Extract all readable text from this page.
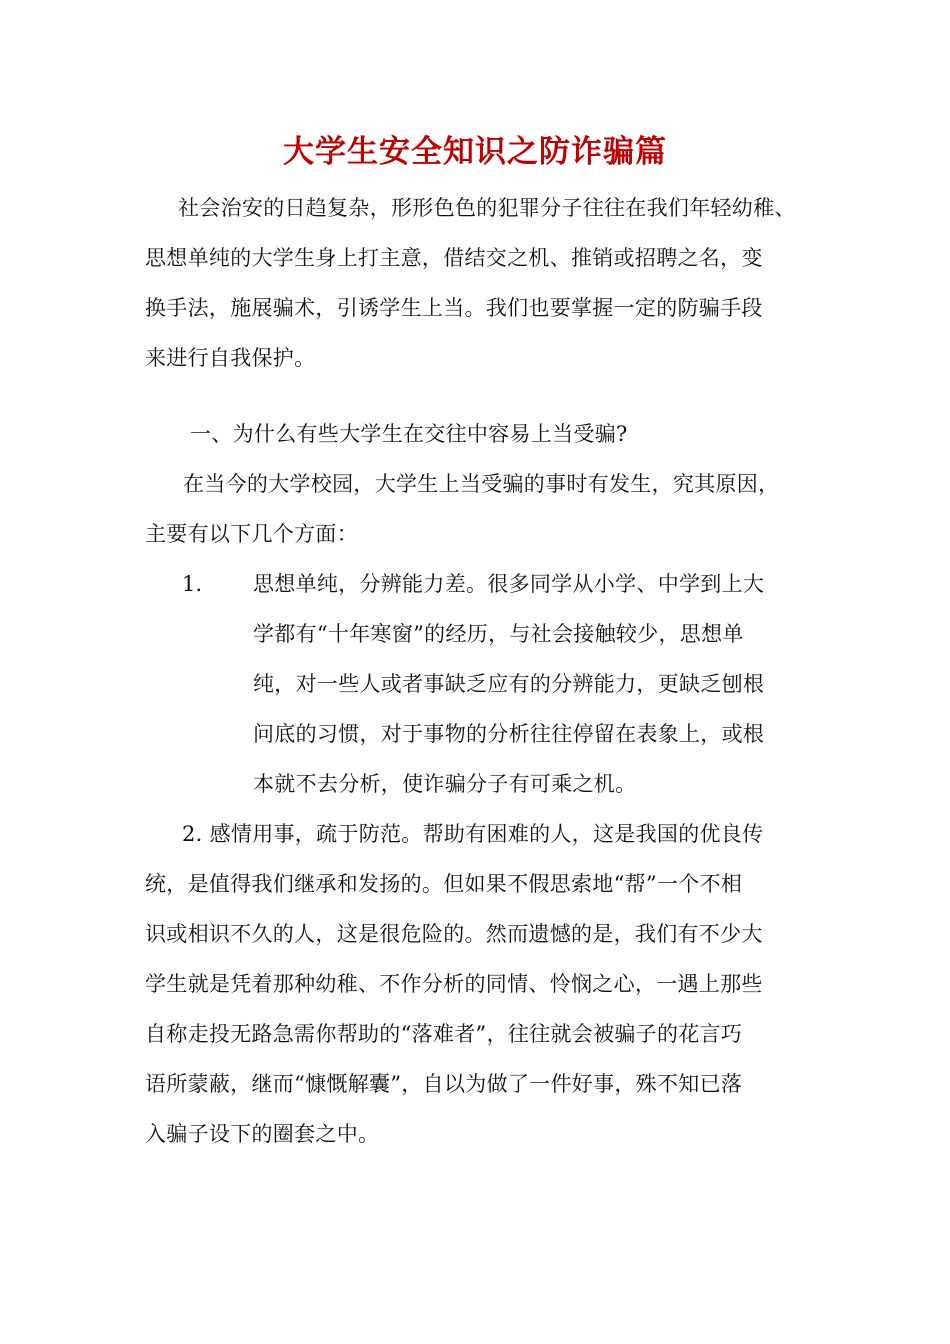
大学生安全知识之防诈骗篇
社会治安的日趋复杂，形形色色的犯罪分子往往在我们年轻幼稚、
思想单纯的大学生身上打主意，借结交之机、推销或招聘之名，变
换手法，施展骗术，引诱学生上当。我们也要掌握一定的防骗手段
来进行自我保护。
一、为什么有些大学生在交往中容易上当受骗?
在当今的大学校园，大学生上当受骗的事时有发生，究其原因，
主要有以下几个方面：
1. 思想单纯，分辨能力差。很多同学从小学、中学到上大
学都有“十年寒窗”的经历，与社会接触较少，思想单
纯，对一些人或者事缺乏应有的分辨能力，更缺乏刨根
问底的习惯，对于事物的分析往往停留在表象上，或根
本就不去分析，使诈骗分子有可乘之机。
2. 感情用事，疏于防范。帮助有困难的人，这是我国的优良传
统，是值得我们继承和发扬的。但如果不假思索地“帮”一个不相
识或相识不久的人，这是很危险的。然而遗憾的是，我们有不少大
学生就是凭着那种幼稚、不作分析的同情、怜悯之心，一遇上那些
自称走投无路急需你帮助的“落难者”，往往就会被骗子的花言巧
语所蒙蔽，继而“慷慨解囊”，自以为做了一件好事，殊不知已落
入骗子设下的圈套之中。
